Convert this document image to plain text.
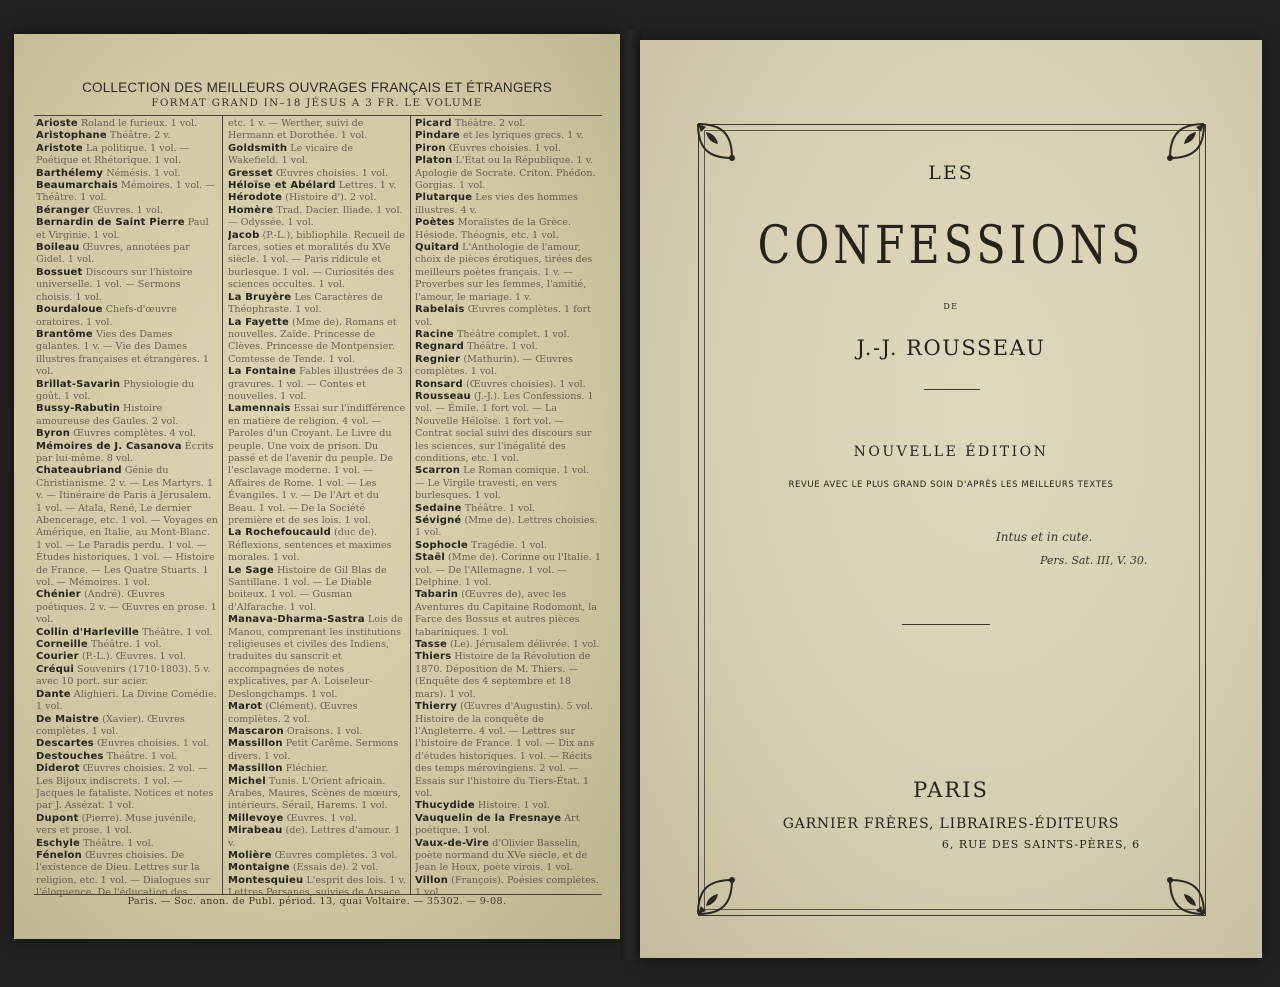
COLLECTION DES MEILLEURS OUVRAGES FRANÇAIS ET ÉTRANGERS
FORMAT GRAND IN–18 JÉSUS A 3 FR. LE VOLUME
Arioste Roland le furieux. 1 vol.
Aristophane Théâtre. 2 v.
Aristote La politique. 1 vol. — Poétique et Rhétorique. 1 vol.
Barthélemy Némésis. 1 vol.
Beaumarchais Mémoires. 1 vol. — Théâtre. 1 vol.
Béranger Œuvres. 1 vol.
Bernardin de Saint Pierre Paul et Virginie. 1 vol.
Boileau Œuvres, annotées par Gidel. 1 vol.
Bossuet Discours sur l'histoire universelle. 1 vol. — Sermons choisis. 1 vol.
Bourdaloue Chefs-d'œuvre oratoires. 1 vol.
Brantôme Vies des Dames galantes. 1 v. — Vie des Dames illustres françaises et étrangères. 1 vol.
Brillat-Savarin Physiologie du goût. 1 vol.
Bussy-Rabutin Histoire amoureuse des Gaules. 2 vol.
Byron Œuvres complètes. 4 vol.
Mémoires de J. Casanova Écrits par lui-même. 8 vol.
Chateaubriand Génie du Christianisme. 2 v. — Les Martyrs. 1 v. — Itinéraire de Paris à Jérusalem. 1 vol. — Atala, René, Le dernier Abencerage, etc. 1 vol. — Voyages en Amérique, en Italie, au Mont-Blanc. 1 vol. — Le Paradis perdu. 1 vol. — Études historiques. 1 vol. — Histoire de France. — Les Quatre Stuarts. 1 vol. — Mémoires. 1 vol.
Chénier (André). Œuvres poétiques. 2 v. — Œuvres en prose. 1 vol.
Collin d'Harleville Théâtre. 1 vol.
Corneille Théâtre. 1 vol.
Courier (P.-L.). Œuvres. 1 vol.
Créqui Souvenirs (1710-1803). 5 v. avec 10 port. sur acier.
Dante Alighieri. La Divine Comédie. 1 vol.
De Maistre (Xavier). Œuvres complètes. 1 vol.
Descartes Œuvres choisies. 1 vol.
Destouches Théâtre. 1 vol.
Diderot Œuvres choisies. 2 vol. — Les Bijoux indiscrets. 1 vol. — Jacques le fataliste. Notices et notes par J. Assézat. 1 vol.
Dupont (Pierre). Muse juvénile, vers et prose. 1 vol.
Eschyle Théâtre. 1 vol.
Fénelon Œuvres choisies. De l'existence de Dieu. Lettres sur la religion, etc. 1 vol. — Dialogues sur l'éloquence. De l'éducation des
etc. 1 v. — Werther, suivi de Hermann et Dorothée. 1 vol.
Goldsmith Le vicaire de Wakefield. 1 vol.
Gresset Œuvres choisies. 1 vol.
Héloïse et Abélard Lettres. 1 v.
Hérodote (Histoire d'). 2 vol.
Homère Trad. Dacier. Iliade. 1 vol. — Odyssée. 1 vol.
Jacob (P.-L.), bibliophile. Recueil de farces, soties et moralités du XVe siècle. 1 vol. — Paris ridicule et burlesque. 1 vol. — Curiosités des sciences occultes. 1 vol.
La Bruyère Les Caractères de Théophraste. 1 vol.
La Fayette (Mme de). Romans et nouvelles. Zaïde. Princesse de Clèves. Princesse de Montpensier. Comtesse de Tende. 1 vol.
La Fontaine Fables illustrées de 3 gravures. 1 vol. — Contes et nouvelles. 1 vol.
Lamennais Essai sur l'indifférence en matière de religion. 4 vol. — Paroles d'un Croyant. Le Livre du peuple. Une voix de prison. Du passé et de l'avenir du peuple. De l'esclavage moderne. 1 vol. — Affaires de Rome. 1 vol. — Les Évangiles. 1 v. — De l'Art et du Beau. 1 vol. — De la Société première et de ses lois. 1 vol.
La Rochefoucauld (duc de). Réflexions, sentences et maximes morales. 1 vol.
Le Sage Histoire de Gil Blas de Santillane. 1 vol. — Le Diable boiteux. 1 vol. — Gusman d'Alfarache. 1 vol.
Manava-Dharma-Sastra Lois de Manou, comprenant les institutions religieuses et civiles des Indiens, traduites du sanscrit et accompagnées de notes explicatives, par A. Loiseleur-Deslongchamps. 1 vol.
Marot (Clément). Œuvres complètes. 2 vol.
Mascaron Oraisons. 1 vol.
Massillon Petit Carême. Sermons divers. 1 vol.
Massillon Fléchier.
Michel Tunis. L'Orient africain. Arabes, Maures, Scènes de mœurs, intérieurs. Sérail, Harems. 1 vol.
Millevoye Œuvres. 1 vol.
Mirabeau (de). Lettres d'amour. 1 v.
Molière Œuvres complètes. 3 vol.
Montaigne (Essais de). 2 vol.
Montesquieu L'esprit des lois. 1 v. Lettres Persanes, suivies de Arsace
Picard Théâtre. 2 vol.
Pindare et les lyriques grecs. 1 v.
Piron Œuvres choisies. 1 vol.
Platon L'État ou la République. 1 v. Apologie de Socrate. Criton. Phédon. Gorgias. 1 vol.
Plutarque Les vies des hommes illustres. 4 v.
Poètes Moralistes de la Grèce. Hésiode. Théognis, etc. 1 vol.
Quitard L'Anthologie de l'amour, choix de pièces érotiques, tirées des meilleurs poètes français. 1 v. — Proverbes sur les femmes, l'amitié, l'amour, le mariage. 1 v.
Rabelais Œuvres complètes. 1 fort vol.
Racine Théâtre complet. 1 vol.
Regnard Théâtre. 1 vol.
Regnier (Mathurin). — Œuvres complètes. 1 vol.
Ronsard (Œuvres choisies). 1 vol.
Rousseau (J.-J.). Les Confessions. 1 vol. — Émile. 1 fort vol. — La Nouvelle Héloïse. 1 fort vol. — Contrat social suivi des discours sur les sciences, sur l'inégalité des conditions, etc. 1 vol.
Scarron Le Roman comique. 1 vol. — Le Virgile travesti, en vers burlesques. 1 vol.
Sedaine Théâtre. 1 vol.
Sévigné (Mme de). Lettres choisies. 1 vol.
Sophocle Tragédie. 1 vol.
Staël (Mme de). Corinne ou l'Italie. 1 vol. — De l'Allemagne. 1 vol. — Delphine. 1 vol.
Tabarin (Œuvres de), avec les Aventures du Capitaine Rodomont, la Farce des Bossus et autres pièces tabariniques. 1 vol.
Tasse (Le). Jérusalem délivrée. 1 vol.
Thiers Histoire de la Révolution de 1870. Déposition de M. Thiers. — (Enquête des 4 septembre et 18 mars). 1 vol.
Thierry (Œuvres d'Augustin). 5 vol. Histoire de la conquête de l'Angleterre. 4 vol. — Lettres sur l'histoire de France. 1 vol. — Dix ans d'études historiques. 1 vol. — Récits des temps mérovingiens. 2 vol. — Essais sur l'histoire du Tiers-État. 1 vol.
Thucydide Histoire. 1 vol.
Vauquelin de la Fresnaye Art poétique. 1 vol.
Vaux-de-Vire d'Olivier Basselin, poète normand du XVe siècle, et de Jean le Houx, poète virois. 1 vol.
Villon (François). Poésies complètes. 1 vol.
Paris. — Soc. anon. de Publ. périod. 13, quai Voltaire. — 35302. — 9-08.
LES
CONFESSIONS
DE
J.-J. ROUSSEAU
NOUVELLE ÉDITION
REVUE AVEC LE PLUS GRAND SOIN D'APRÈS LES MEILLEURS TEXTES
Intus et in cute.
Pers. Sat. III, V. 30.
PARIS
GARNIER FRÈRES, LIBRAIRES-ÉDITEURS
6, RUE DES SAINTS-PÈRES, 6
